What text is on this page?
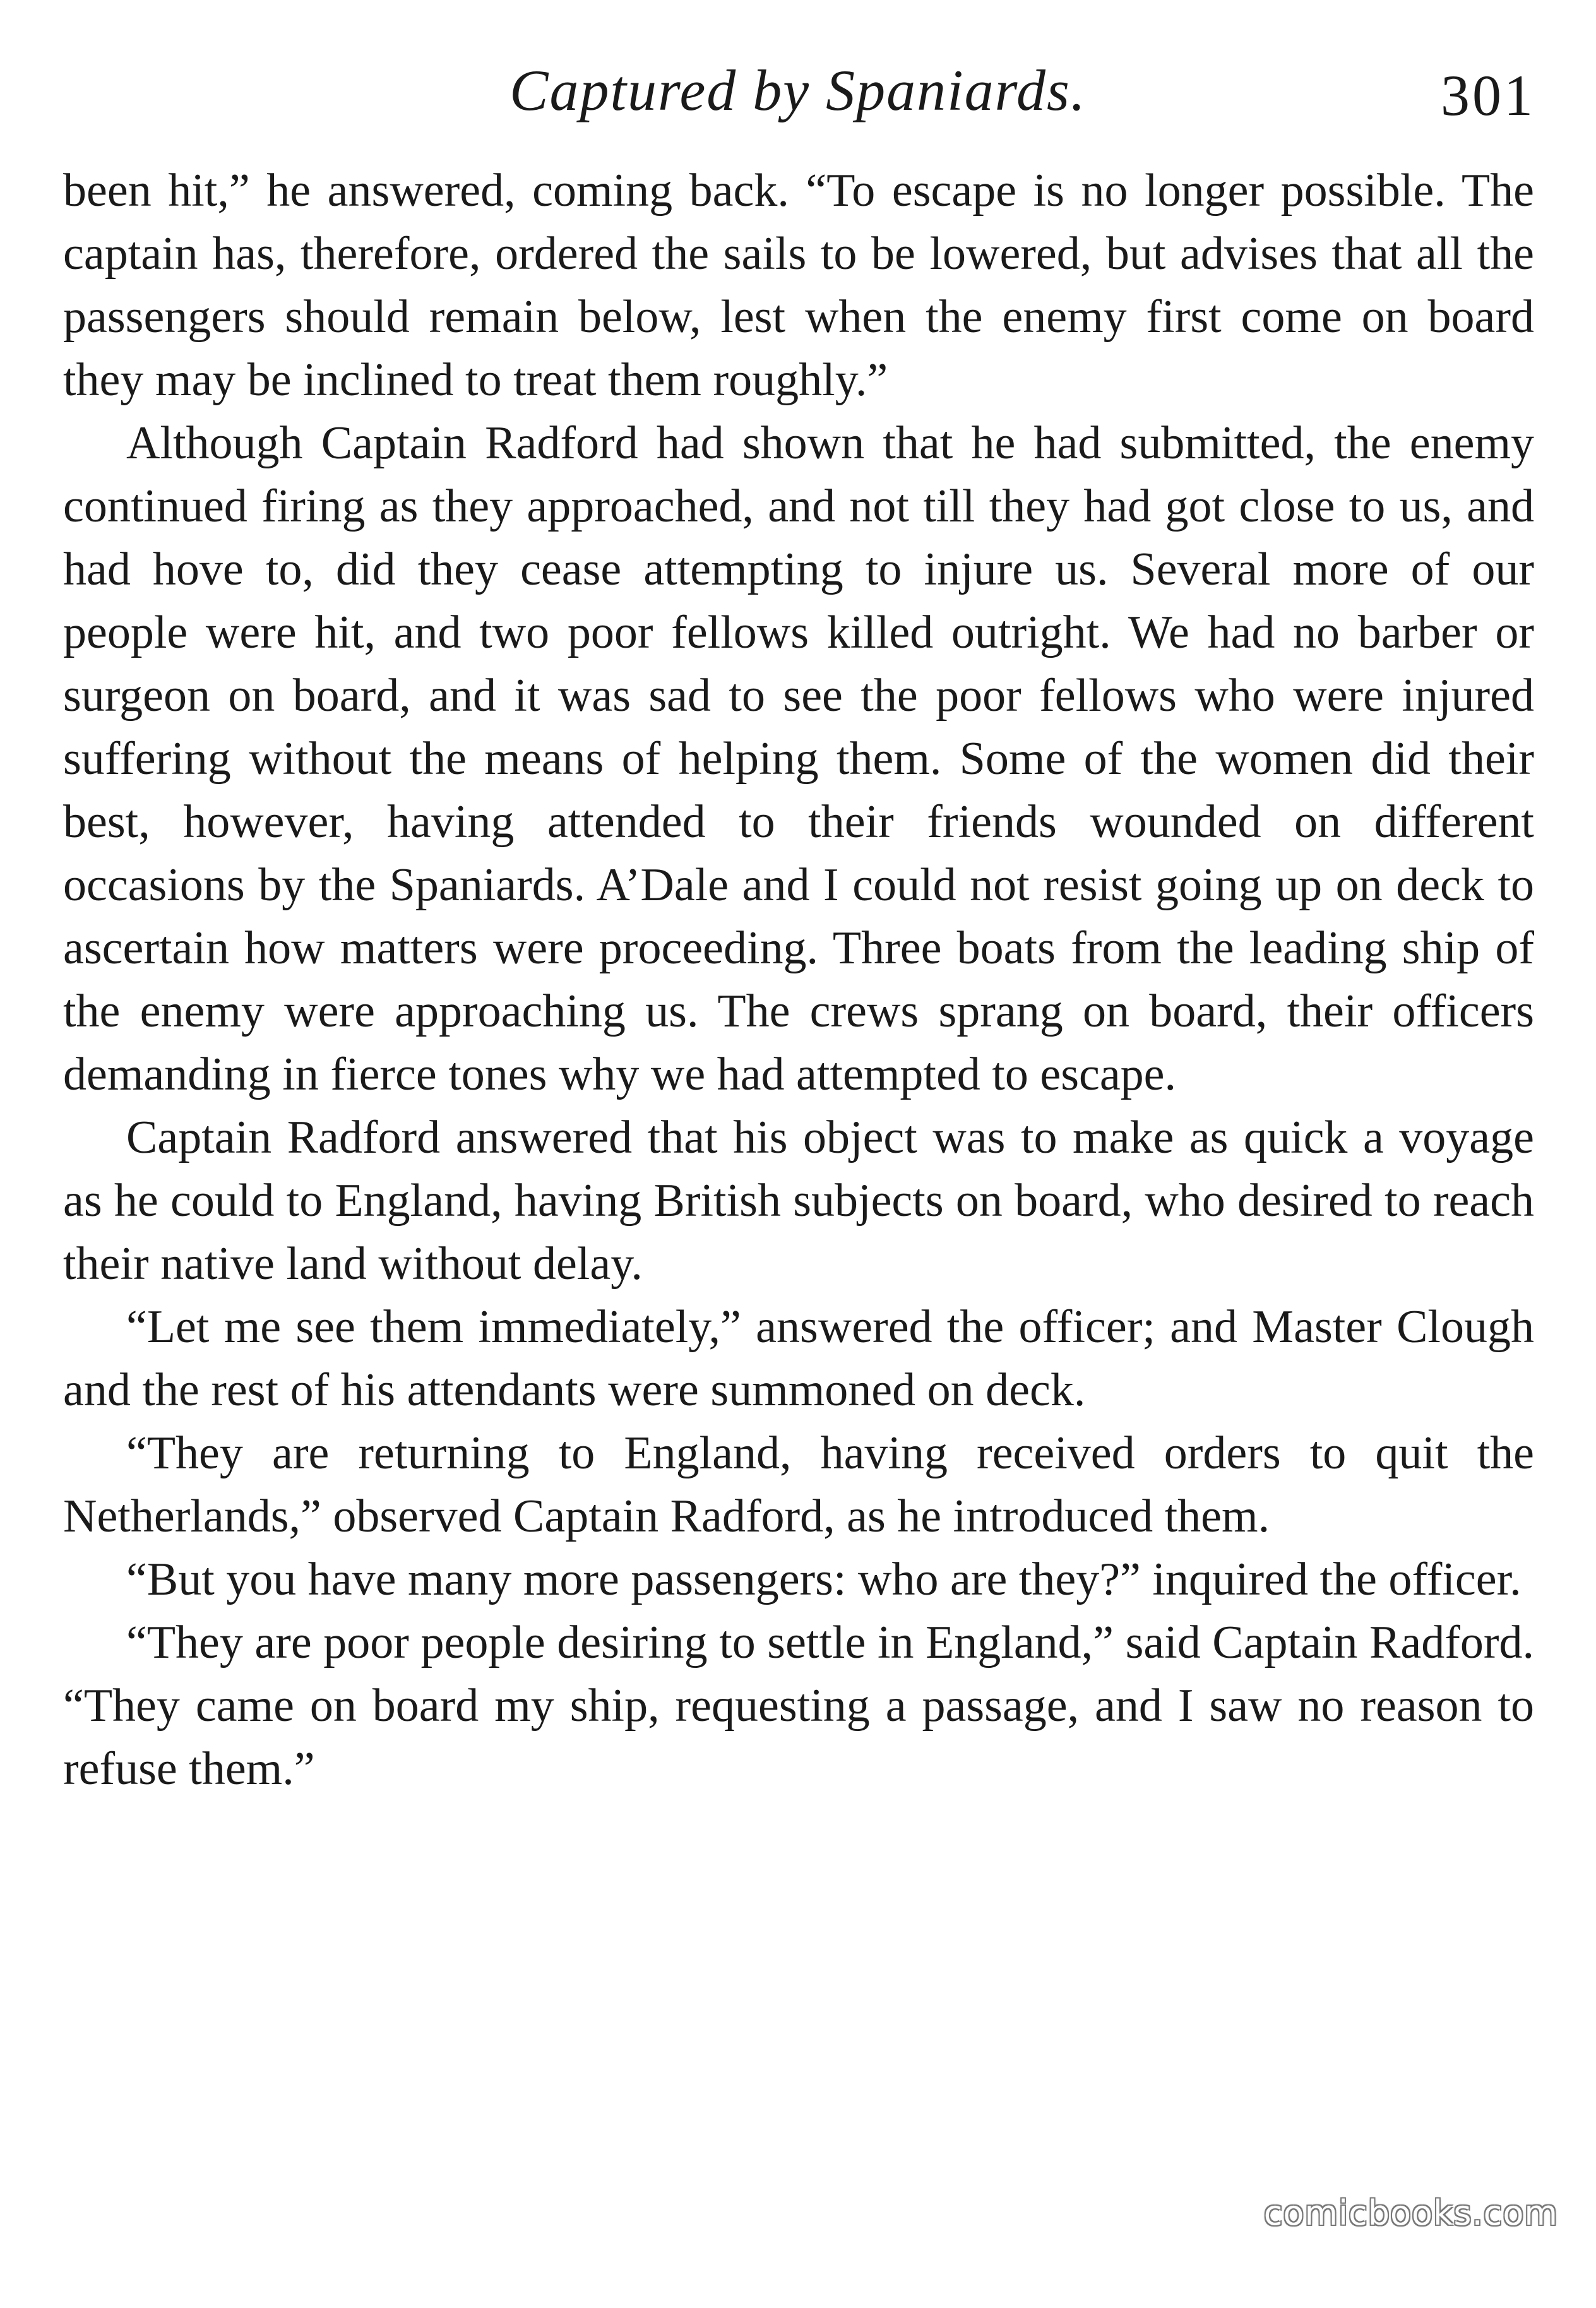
Captured by Spaniards.	301

been hit,” he answered, coming back. “To escape is no longer possible. The captain has, therefore, ordered the sails to be lowered, but advises that all the passengers should remain below, lest when the enemy first come on board they may be inclined to treat them roughly.”

Although Captain Radford had shown that he had submitted, the enemy continued firing as they approached, and not till they had got close to us, and had hove to, did they cease attempting to injure us. Several more of our people were hit, and two poor fellows killed outright. We had no barber or surgeon on board, and it was sad to see the poor fellows who were injured suffering without the means of helping them. Some of the women did their best, however, having attended to their friends wounded on different occasions by the Spaniards. A’Dale and I could not resist going up on deck to ascertain how matters were proceeding. Three boats from the leading ship of the enemy were approaching us. The crews sprang on board, their officers demanding in fierce tones why we had attempted to escape.

Captain Radford answered that his object was to make as quick a voyage as he could to England, having British subjects on board, who desired to reach their native land without delay.

“Let me see them immediately,” answered the officer; and Master Clough and the rest of his attendants were summoned on deck.

“They are returning to England, having received orders to quit the Netherlands,” observed Captain Radford, as he introduced them.

“But you have many more passengers: who are they?” inquired the officer.

“They are poor people desiring to settle in England,” said Captain Radford. “They came on board my ship, requesting a passage, and I saw no reason to refuse them.”

comicbooks.com
